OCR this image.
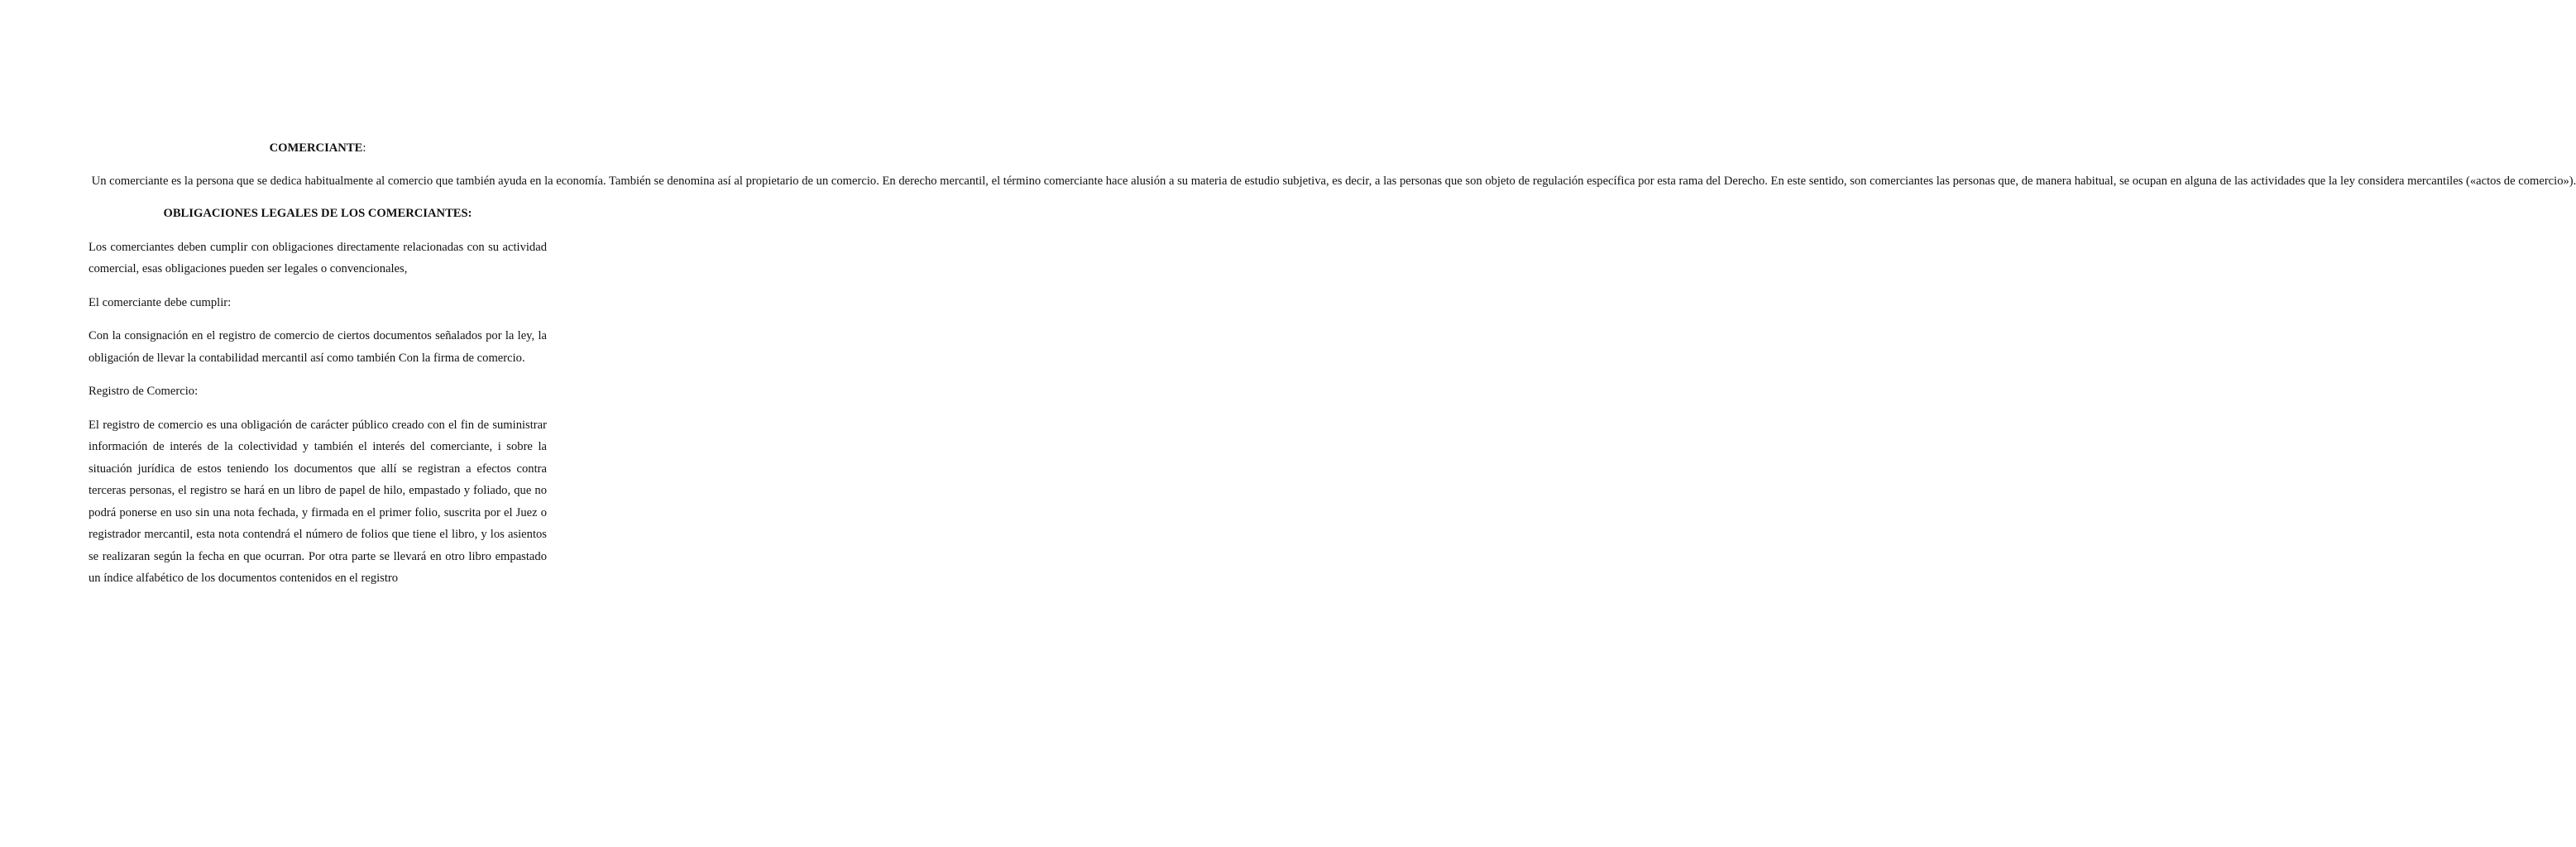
COMERCIANTE:

Un comerciante es la persona que se dedica habitualmente al comercio que también ayuda en la economía. También se denomina así al propietario de un comercio. En derecho mercantil, el término comerciante hace alusión a su materia de estudio subjetiva, es decir, a las personas que son objeto de regulación específica por esta rama del Derecho. En este sentido, son comerciantes las personas que, de manera habitual, se ocupan en alguna de las actividades que la ley considera mercantiles («actos de comercio»).

OBLIGACIONES LEGALES DE LOS COMERCIANTES:

Los comerciantes deben cumplir con obligaciones directamente relacionadas con su actividad comercial, esas obligaciones pueden ser legales o convencionales,

El comerciante debe cumplir:

Con la consignación en el registro de comercio de ciertos documentos señalados por la ley, la obligación de llevar la contabilidad mercantil así como también Con la firma de comercio.

Registro de Comercio:

El registro de comercio es una obligación de carácter público creado con el fin de suministrar información de interés de la colectividad y también el interés del comerciante, i sobre la situación jurídica de estos teniendo los documentos que allí se registran a efectos contra terceras personas, el registro se hará en un libro de papel de hilo, empastado y foliado, que no podrá ponerse en uso sin una nota fechada, y firmada en el primer folio, suscrita por el Juez o registrador mercantil, esta nota contendrá el número de folios que tiene el libro, y los asientos se realizaran según la fecha en que ocurran. Por otra parte se llevará en otro libro empastado un índice alfabético de los documentos contenidos en el registro
